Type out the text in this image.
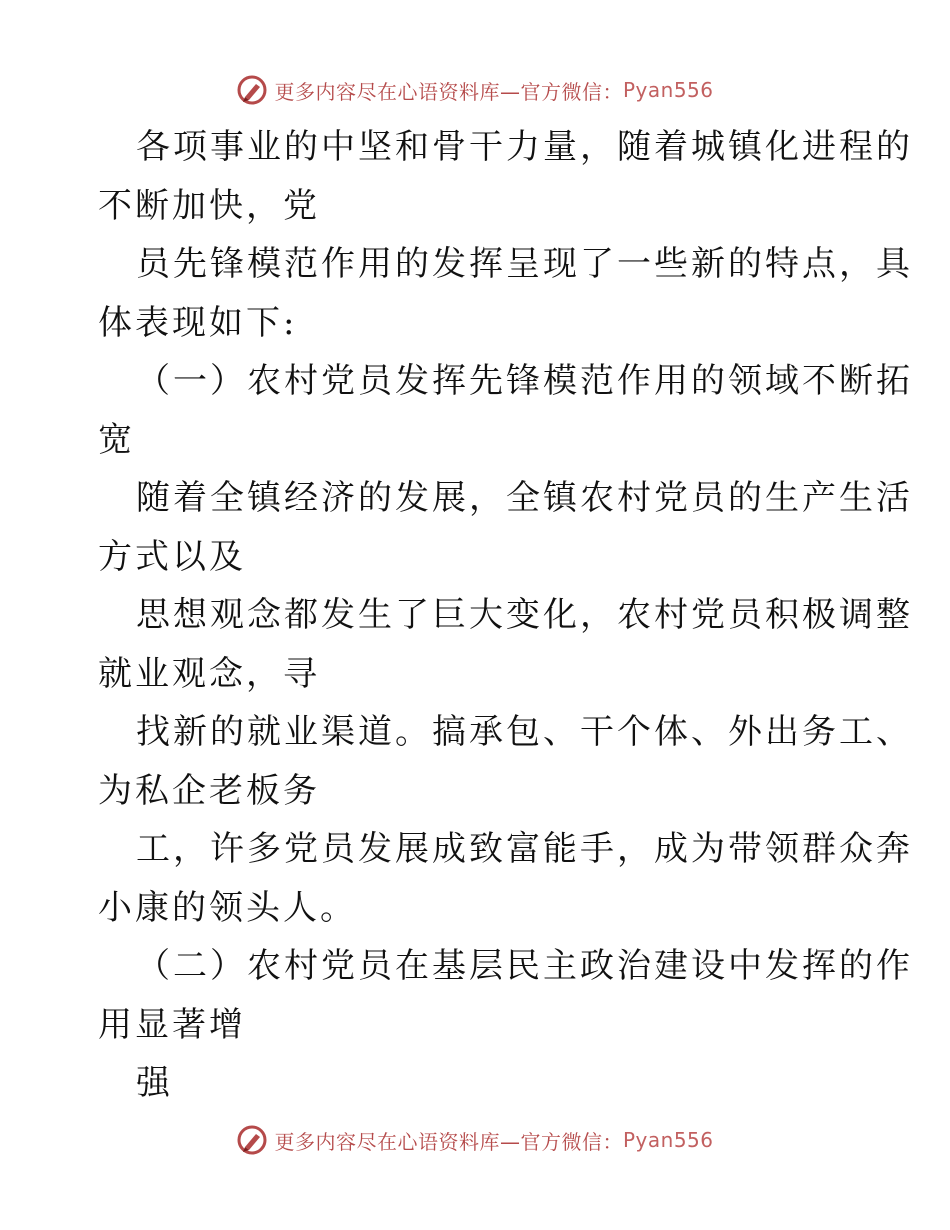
更多内容尽在心语资料库—官方微信： Pyan556

各项事业的中坚和骨干力量，随着城镇化进程的
不断加快，党

员先锋模范作用的发挥呈现了一些新的特点，具
体表现如下:

（一）农村党员发挥先锋模范作用的领域不断拓
宽

随着全镇经济的发展，全镇农村党员的生产生活
方式以及

思想观念都发生了巨大变化，农村党员积极调整
就业观念，寻

找新的就业渠道。搞承包、干个体、外出务工、
为私企老板务

工，许多党员发展成致富能手，成为带领群众奔
小康的领头人。

（二）农村党员在基层民主政治建设中发挥的作
用显著增

强

更多内容尽在心语资料库—官方微信： Pyan556
